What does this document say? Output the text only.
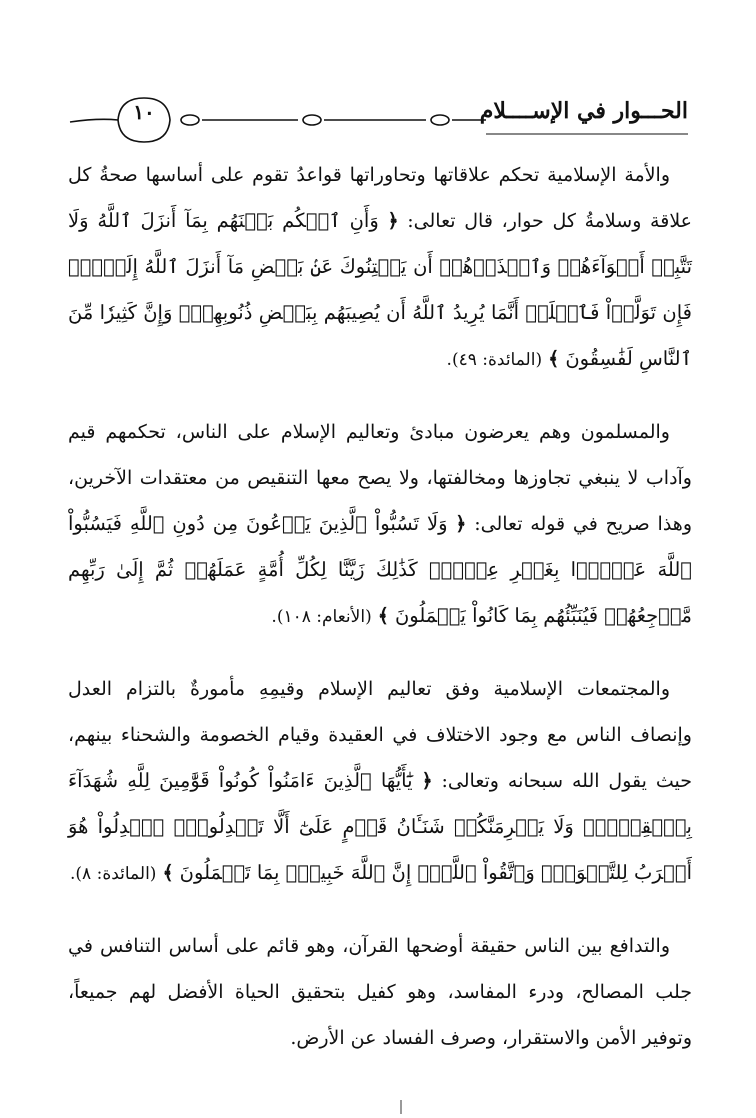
١٠	الحـــوار في الإســــلام

والأمة الإسلامية تحكم علاقاتها وتحاوراتها قواعدُ تقوم على أساسها صحةُ كل علاقة وسلامةُ كل حوار، قال تعالى: ﴿ وَأَنِ ٱحۡكُم بَيۡنَهُم بِمَآ أَنزَلَ ٱللَّهُ وَلَا تَتَّبِعۡ أَهۡوَآءَهُمۡ وَٱحۡذَرۡهُمۡ أَن يَفۡتِنُوكَ عَنۢ بَعۡضِ مَآ أَنزَلَ ٱللَّهُ إِلَيۡكَۖ فَإِن تَوَلَّوۡاْ فَٱعۡلَمۡ أَنَّمَا يُرِيدُ ٱللَّهُ أَن يُصِيبَهُم بِبَعۡضِ ذُنُوبِهِمۡۗ وَإِنَّ كَثِيرٗا مِّنَ ٱلنَّاسِ لَفَٰسِقُونَ ﴾ (المائدة: ٤٩).

والمسلمون وهم يعرضون مبادئ وتعاليم الإسلام على الناس، تحكمهم قيم وآداب لا ينبغي تجاوزها ومخالفتها، ولا يصح معها التنقيص من معتقدات الآخرين، وهذا صريح في قوله تعالى: ﴿ وَلَا تَسُبُّواْ ٱلَّذِينَ يَدۡعُونَ مِن دُونِ ٱللَّهِ فَيَسُبُّواْ ٱللَّهَ عَدۡوَۢا بِغَيۡرِ عِلۡمٖۗ كَذَٰلِكَ زَيَّنَّا لِكُلِّ أُمَّةٍ عَمَلَهُمۡ ثُمَّ إِلَىٰ رَبِّهِم مَّرۡجِعُهُمۡ فَيُنَبِّئُهُم بِمَا كَانُواْ يَعۡمَلُونَ ﴾ (الأنعام: ١٠٨).

والمجتمعات الإسلامية وفق تعاليم الإسلام وقيمِهِ مأمورةٌ بالتزام العدل وإنصاف الناس مع وجود الاختلاف في العقيدة وقيام الخصومة والشحناء بينهم، حيث يقول الله سبحانه وتعالى: ﴿ يَٰٓأَيُّهَا ٱلَّذِينَ ءَامَنُواْ كُونُواْ قَوَّٰمِينَ لِلَّهِ شُهَدَآءَ بِٱلۡقِسۡطِۖ وَلَا يَجۡرِمَنَّكُمۡ شَنَـَٔانُ قَوۡمٍ عَلَىٰٓ أَلَّا تَعۡدِلُواْۚ ٱعۡدِلُواْ هُوَ أَقۡرَبُ لِلتَّقۡوَىٰۖ وَٱتَّقُواْ ٱللَّهَۚ إِنَّ ٱللَّهَ خَبِيرُۢ بِمَا تَعۡمَلُونَ ﴾ (المائدة: ٨).

والتدافع بين الناس حقيقة أوضحها القرآن، وهو قائم على أساس التنافس في جلب المصالح، ودرء المفاسد، وهو كفيل بتحقيق الحياة الأفضل لهم جميعاً، وتوفير الأمن والاستقرار، وصرف الفساد عن الأرض.
